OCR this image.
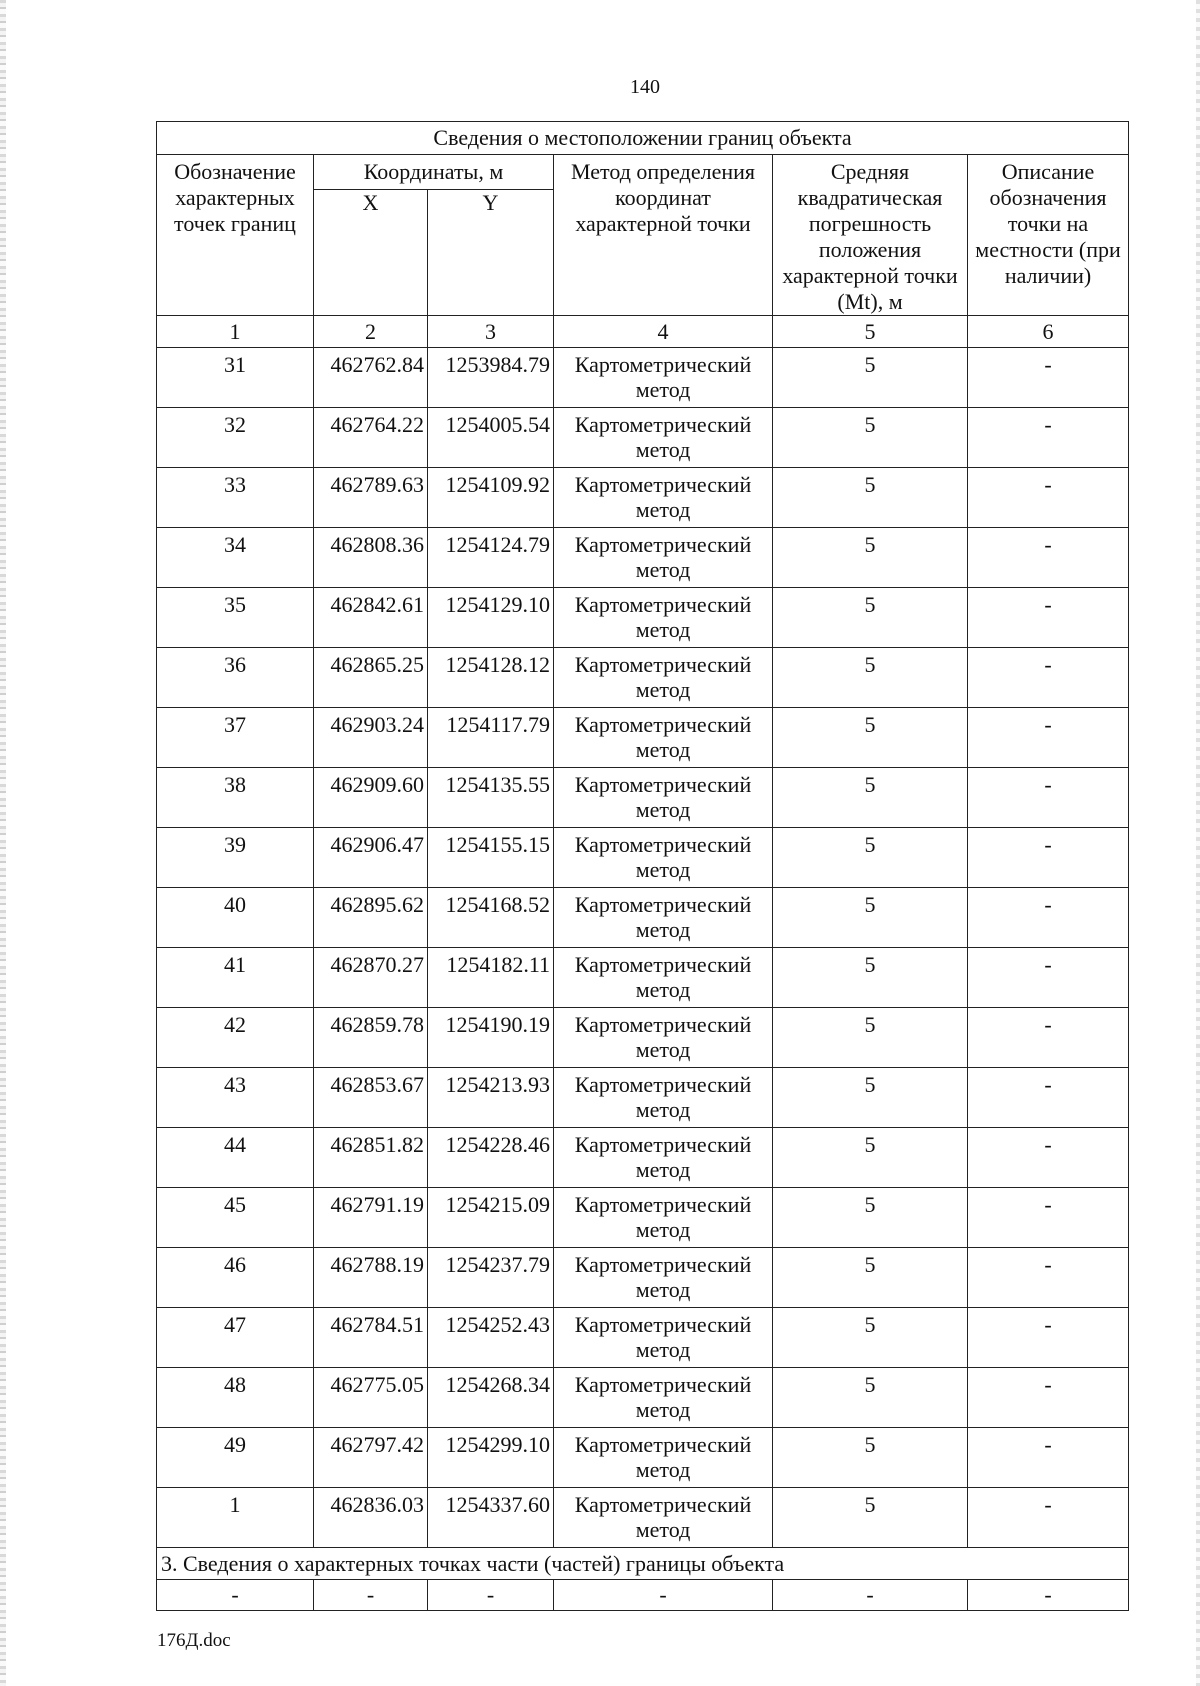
140
Сведения о местоположении границ объекта					
Обозначение характерных точек границ	Координаты, м		Метод определения координат характерной точки	Средняя квадратическая погрешность положения характерной точки (Mt), м	Описание обозначения точки на местности (при наличии)
	X	Y			
1	2	3	4	5	6
31	462762.84	1253984.79	Картометрический метод	5	-
32	462764.22	1254005.54	Картометрический метод	5	-
33	462789.63	1254109.92	Картометрический метод	5	-
34	462808.36	1254124.79	Картометрический метод	5	-
35	462842.61	1254129.10	Картометрический метод	5	-
36	462865.25	1254128.12	Картометрический метод	5	-
37	462903.24	1254117.79	Картометрический метод	5	-
38	462909.60	1254135.55	Картометрический метод	5	-
39	462906.47	1254155.15	Картометрический метод	5	-
40	462895.62	1254168.52	Картометрический метод	5	-
41	462870.27	1254182.11	Картометрический метод	5	-
42	462859.78	1254190.19	Картометрический метод	5	-
43	462853.67	1254213.93	Картометрический метод	5	-
44	462851.82	1254228.46	Картометрический метод	5	-
45	462791.19	1254215.09	Картометрический метод	5	-
46	462788.19	1254237.79	Картометрический метод	5	-
47	462784.51	1254252.43	Картометрический метод	5	-
48	462775.05	1254268.34	Картометрический метод	5	-
49	462797.42	1254299.10	Картометрический метод	5	-
1	462836.03	1254337.60	Картометрический метод	5	-
3. Сведения о характерных точках части (частей) границы объекта					
-	-	-	-	-	-
176Д.doc
